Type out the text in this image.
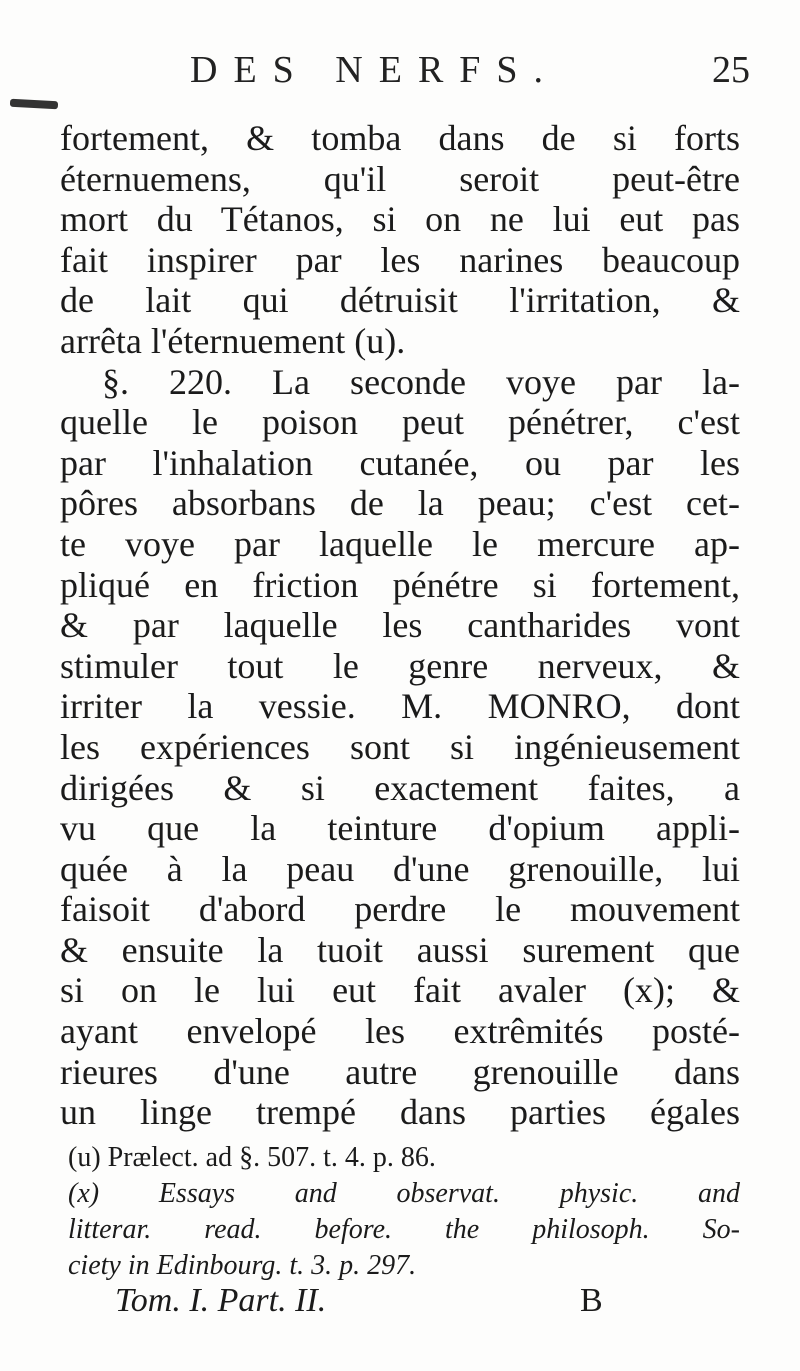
DES NERFS.	25
fortement, & tomba dans de si forts
éternuemens, qu'il seroit peut-être
mort du Tétanos, si on ne lui eut pas
fait inspirer par les narines beaucoup
de lait qui détruisit l'irritation, &
arrêta l'éternuement (u).
§. 220. La seconde voye par la-
quelle le poison peut pénétrer, c'est
par l'inhalation cutanée, ou par les
pôres absorbans de la peau; c'est cet-
te voye par laquelle le mercure ap-
pliqué en friction pénétre si fortement,
& par laquelle les cantharides vont
stimuler tout le genre nerveux, &
irriter la vessie. M. MONRO, dont
les expériences sont si ingénieusement
dirigées & si exactement faites, a
vu que la teinture d'opium appli-
quée à la peau d'une grenouille, lui
faisoit d'abord perdre le mouvement
& ensuite la tuoit aussi surement que
si on le lui eut fait avaler (x); &
ayant envelopé les extrêmités posté-
rieures d'une autre grenouille dans
un linge trempé dans parties égales
(u) Prælect. ad §. 507. t. 4. p. 86.
(x) Essays and observat. physic. and
litterar. read. before. the philosoph. So-
ciety in Edinbourg. t. 3. p. 297.
Tom. I. Part. II.	B
